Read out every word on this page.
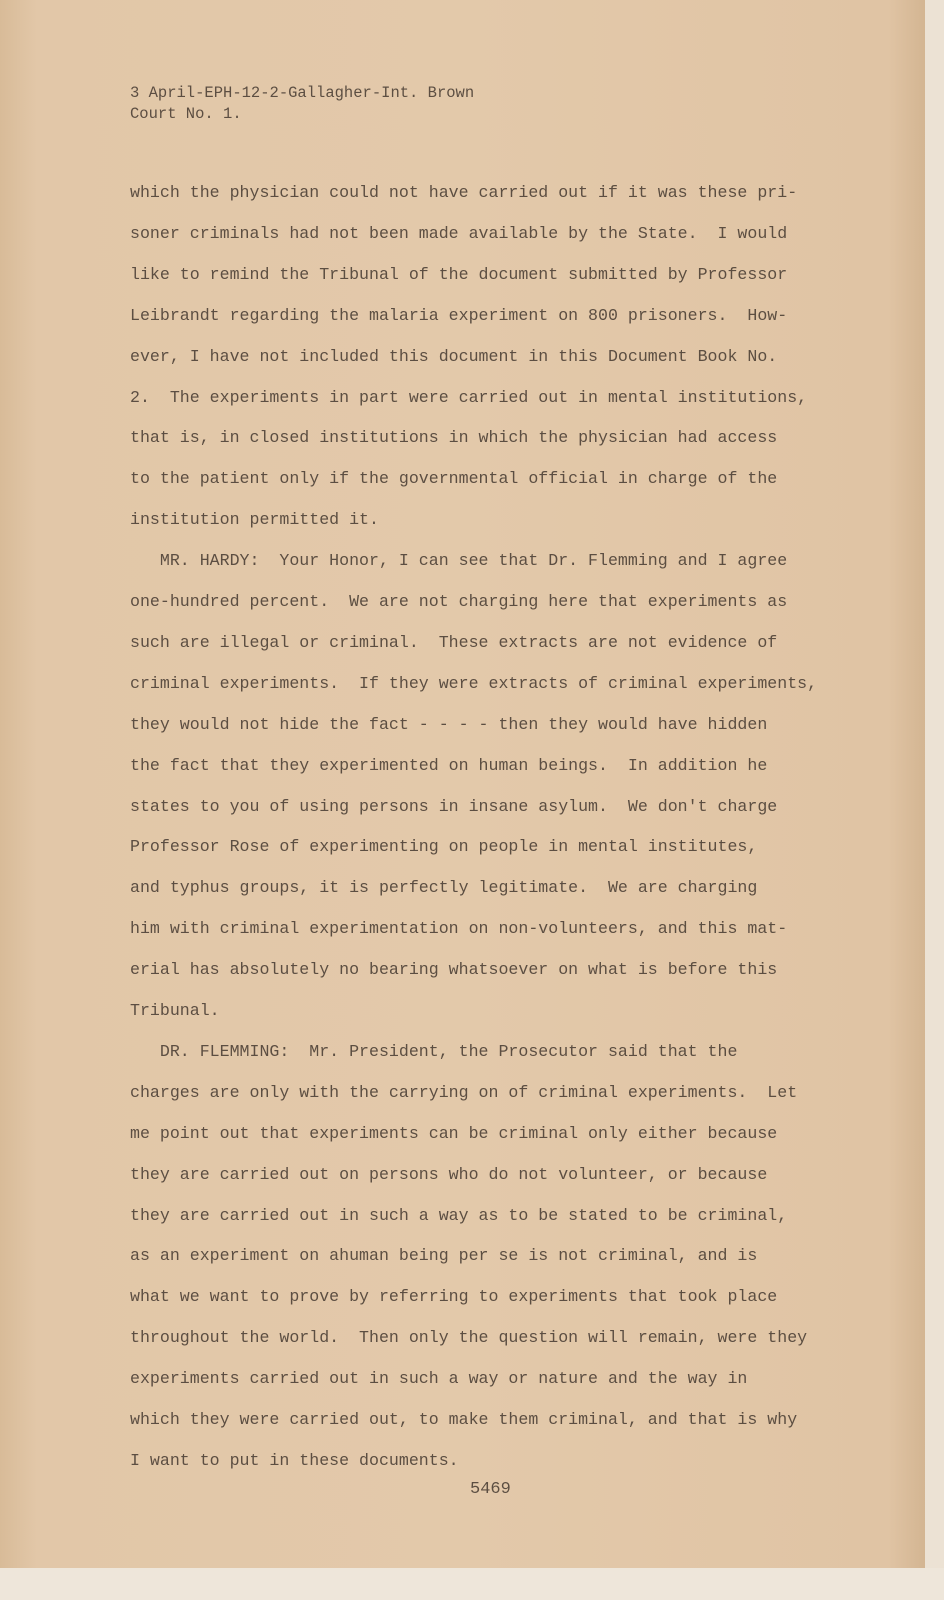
3 April-EPH-12-2-Gallagher-Int. Brown
Court No. 1.
which the physician could not have carried out if it was these pri-
soner criminals had not been made available by the State.  I would
like to remind the Tribunal of the document submitted by Professor
Leibrandt regarding the malaria experiment on 800 prisoners.  How-
ever, I have not included this document in this Document Book No.
2.  The experiments in part were carried out in mental institutions,
that is, in closed institutions in which the physician had access
to the patient only if the governmental official in charge of the
institution permitted it.
MR. HARDY:  Your Honor, I can see that Dr. Flemming and I agree
one-hundred percent.  We are not charging here that experiments as
such are illegal or criminal.  These extracts are not evidence of
criminal experiments.  If they were extracts of criminal experiments,
they would not hide the fact - - - - then they would have hidden
the fact that they experimented on human beings.  In addition he
states to you of using persons in insane asylum.  We don't charge
Professor Rose of experimenting on people in mental institutes,
and typhus groups, it is perfectly legitimate.  We are charging
him with criminal experimentation on non-volunteers, and this mat-
erial has absolutely no bearing whatsoever on what is before this
Tribunal.
DR. FLEMMING:  Mr. President, the Prosecutor said that the
charges are only with the carrying on of criminal experiments.  Let
me point out that experiments can be criminal only either because
they are carried out on persons who do not volunteer, or because
they are carried out in such a way as to be stated to be criminal,
as an experiment on ahuman being per se is not criminal, and is
what we want to prove by referring to experiments that took place
throughout the world.  Then only the question will remain, were they
experiments carried out in such a way or nature and the way in
which they were carried out, to make them criminal, and that is why
I want to put in these documents.
5469
